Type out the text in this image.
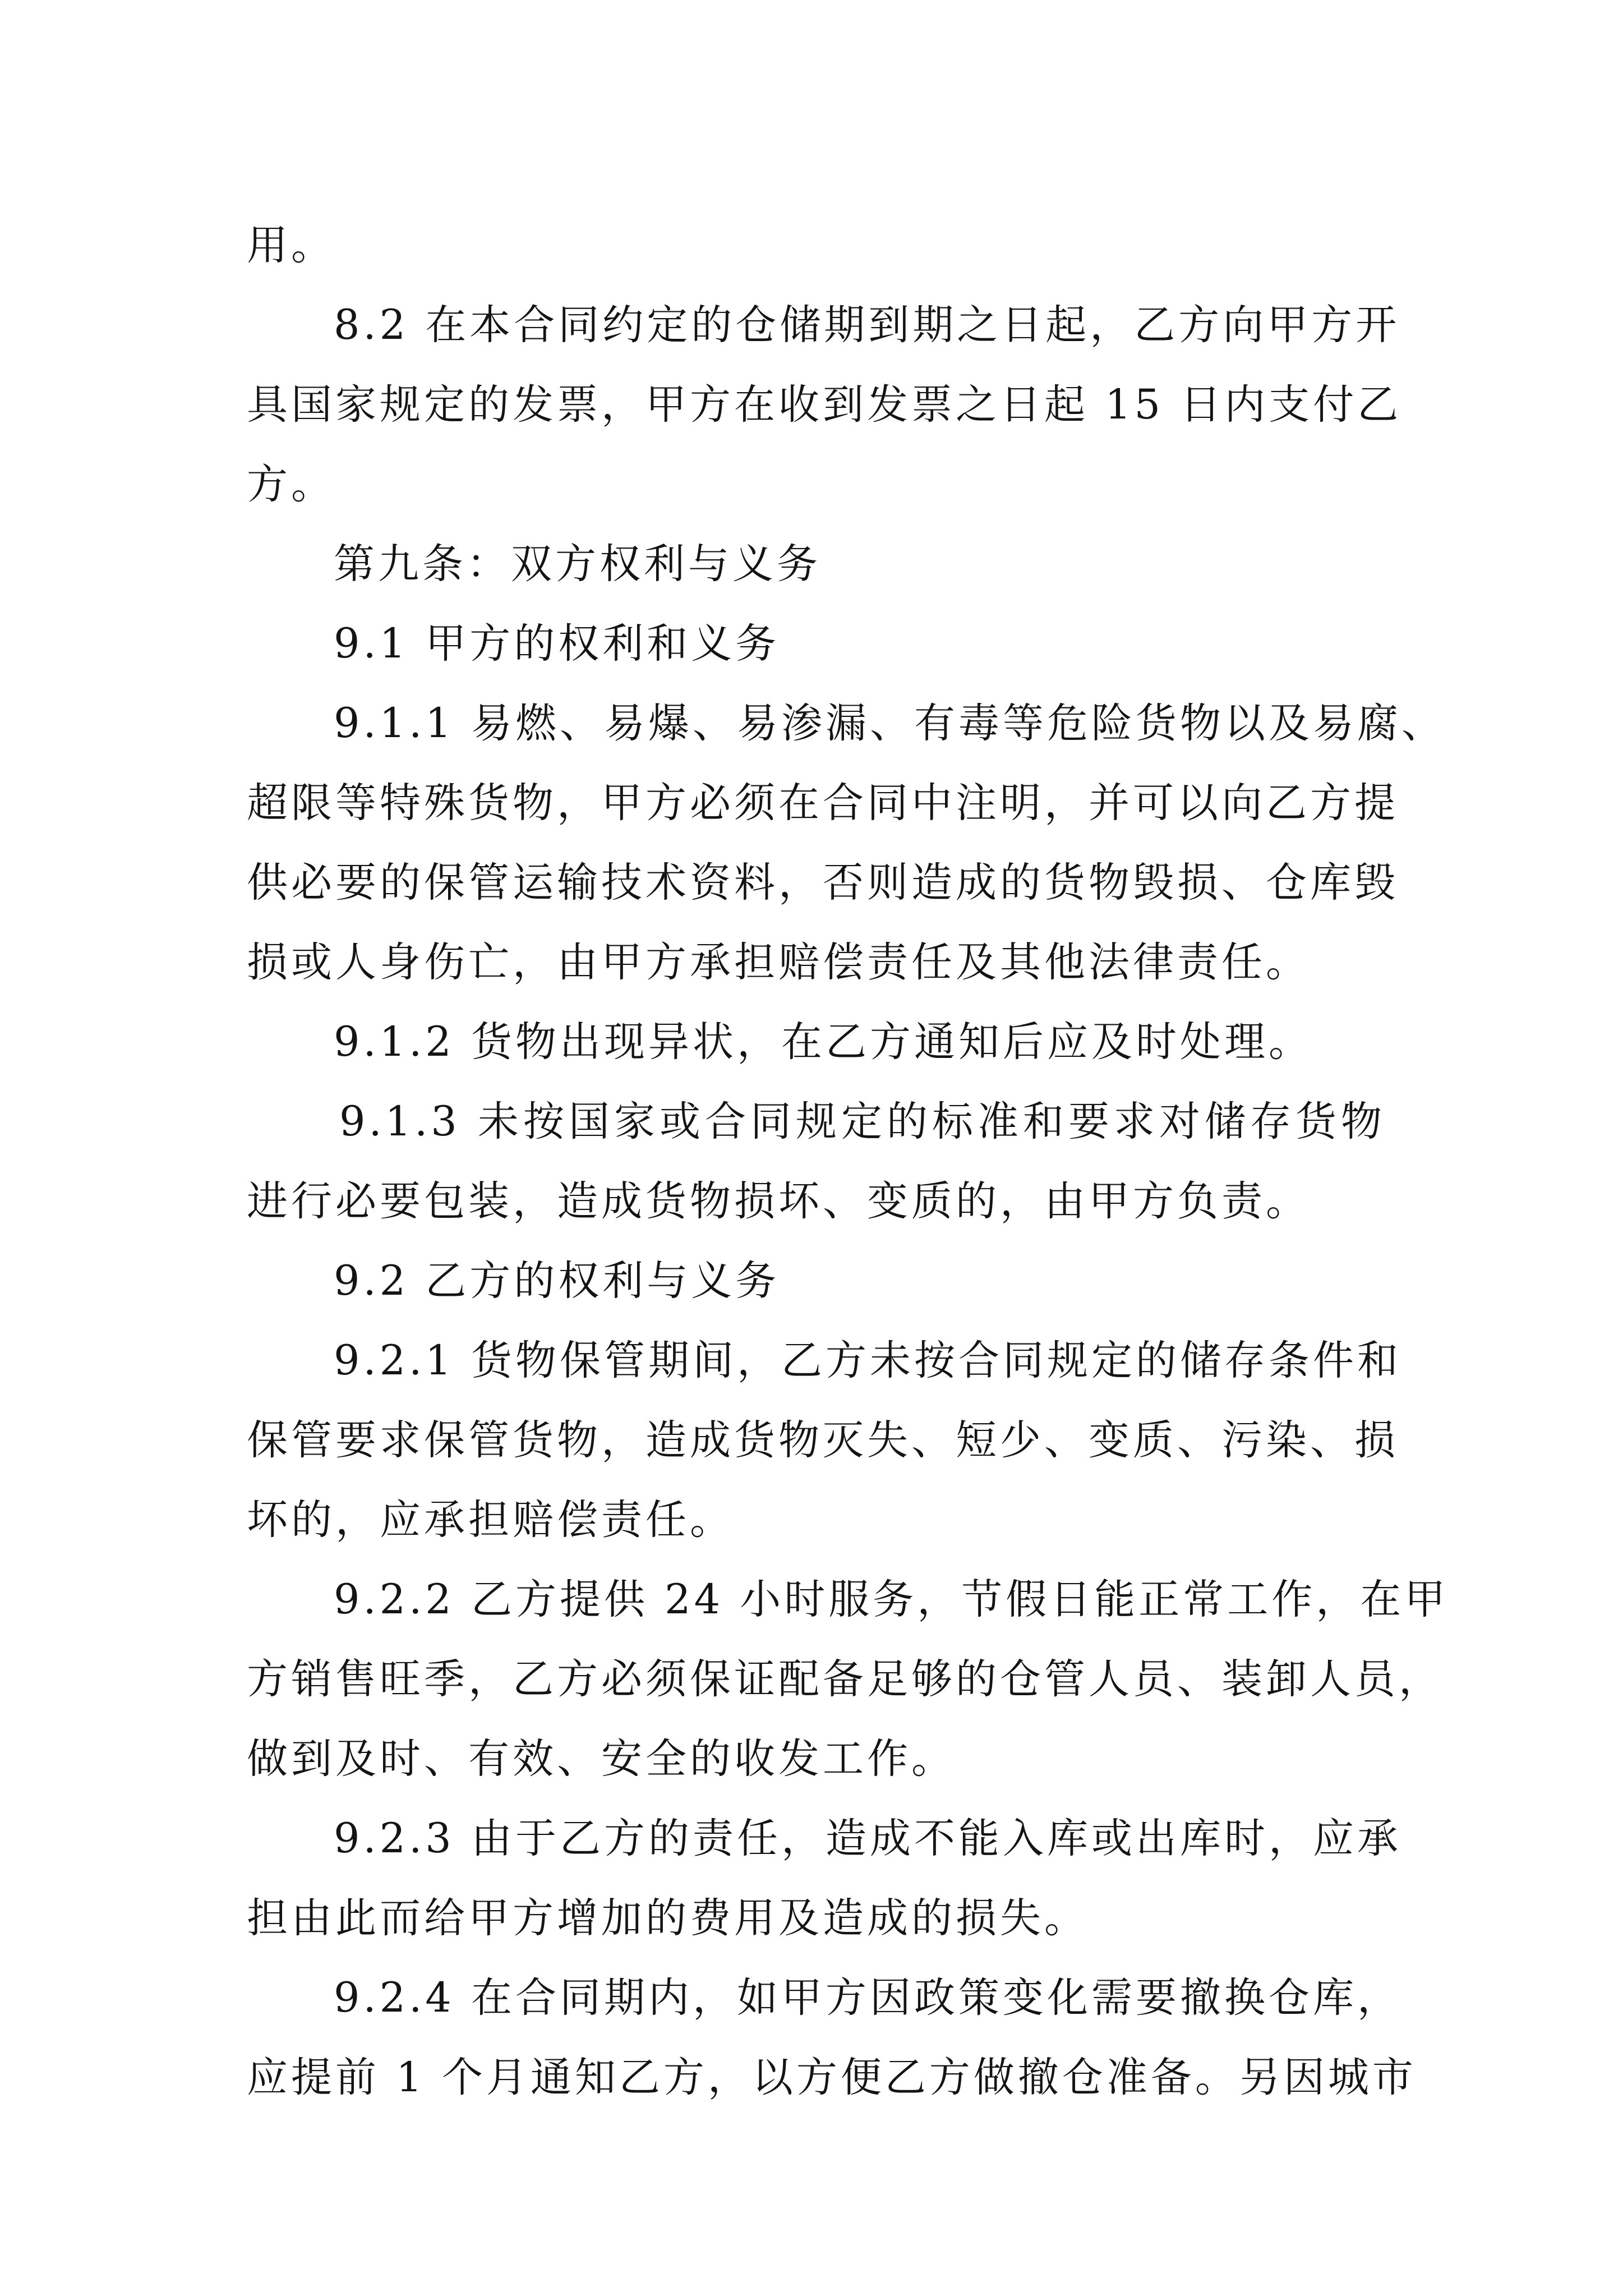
用。
8.2 在本合同约定的仓储期到期之日起，乙方向甲方开
具国家规定的发票，甲方在收到发票之日起 15 日内支付乙
方。
第九条：双方权利与义务
9.1 甲方的权利和义务
9.1.1 易燃、易爆、易渗漏、有毒等危险货物以及易腐、
超限等特殊货物，甲方必须在合同中注明，并可以向乙方提
供必要的保管运输技术资料，否则造成的货物毁损、仓库毁
损或人身伤亡，由甲方承担赔偿责任及其他法律责任。
9.1.2 货物出现异状，在乙方通知后应及时处理。
9.1.3 未按国家或合同规定的标准和要求对储存货物
进行必要包装，造成货物损坏、变质的，由甲方负责。
9.2 乙方的权利与义务
9.2.1 货物保管期间，乙方未按合同规定的储存条件和
保管要求保管货物，造成货物灭失、短少、变质、污染、损
坏的，应承担赔偿责任。
9.2.2 乙方提供 24 小时服务，节假日能正常工作，在甲
方销售旺季，乙方必须保证配备足够的仓管人员、装卸人员，
做到及时、有效、安全的收发工作。
9.2.3 由于乙方的责任，造成不能入库或出库时，应承
担由此而给甲方增加的费用及造成的损失。
9.2.4 在合同期内，如甲方因政策变化需要撤换仓库，
应提前 1 个月通知乙方，以方便乙方做撤仓准备。另因城市
